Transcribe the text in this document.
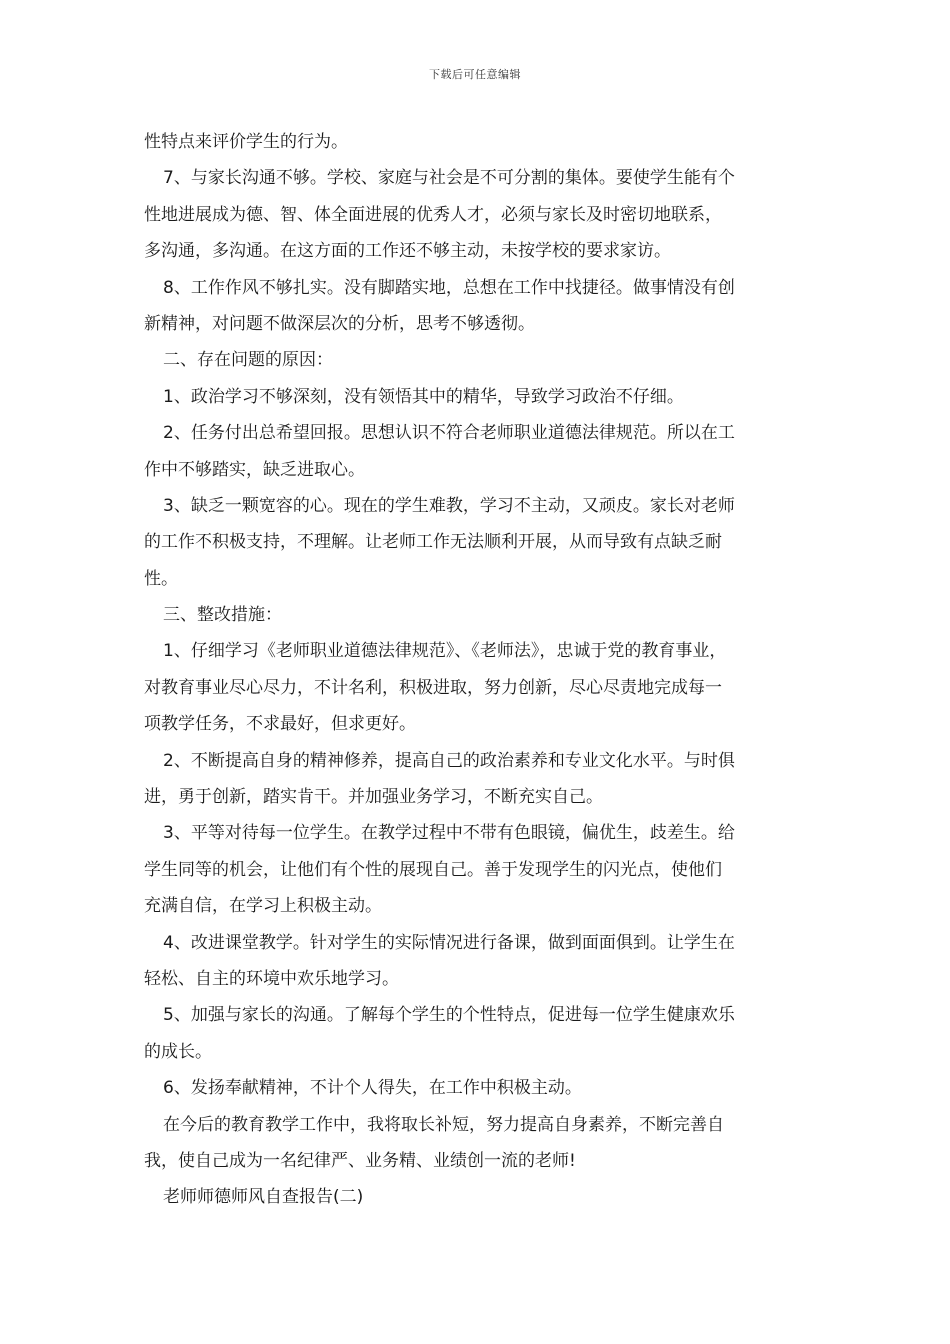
下载后可任意编辑
性特点来评价学生的行为。
7、与家长沟通不够。学校、家庭与社会是不可分割的集体。要使学生能有个
性地进展成为德、智、体全面进展的优秀人才，必须与家长及时密切地联系，
多沟通，多沟通。在这方面的工作还不够主动，未按学校的要求家访。
8、工作作风不够扎实。没有脚踏实地，总想在工作中找捷径。做事情没有创
新精神，对问题不做深层次的分析，思考不够透彻。
二、存在问题的原因：
1、政治学习不够深刻，没有领悟其中的精华，导致学习政治不仔细。
2、任务付出总希望回报。思想认识不符合老师职业道德法律规范。所以在工
作中不够踏实，缺乏进取心。
3、缺乏一颗宽容的心。现在的学生难教，学习不主动，又顽皮。家长对老师
的工作不积极支持，不理解。让老师工作无法顺利开展，从而导致有点缺乏耐
性。
三、整改措施：
1、仔细学习《老师职业道德法律规范》、《老师法》，忠诚于党的教育事业，
对教育事业尽心尽力，不计名利，积极进取，努力创新，尽心尽责地完成每一
项教学任务，不求最好，但求更好。
2、不断提高自身的精神修养，提高自己的政治素养和专业文化水平。与时俱
进，勇于创新，踏实肯干。并加强业务学习，不断充实自己。
3、平等对待每一位学生。在教学过程中不带有色眼镜，偏优生，歧差生。给
学生同等的机会，让他们有个性的展现自己。善于发现学生的闪光点，使他们
充满自信，在学习上积极主动。
4、改进课堂教学。针对学生的实际情况进行备课，做到面面俱到。让学生在
轻松、自主的环境中欢乐地学习。
5、加强与家长的沟通。了解每个学生的个性特点，促进每一位学生健康欢乐
的成长。
6、发扬奉献精神，不计个人得失，在工作中积极主动。
在今后的教育教学工作中，我将取长补短，努力提高自身素养，不断完善自
我，使自己成为一名纪律严、业务精、业绩创一流的老师!
老师师德师风自查报告(二)
